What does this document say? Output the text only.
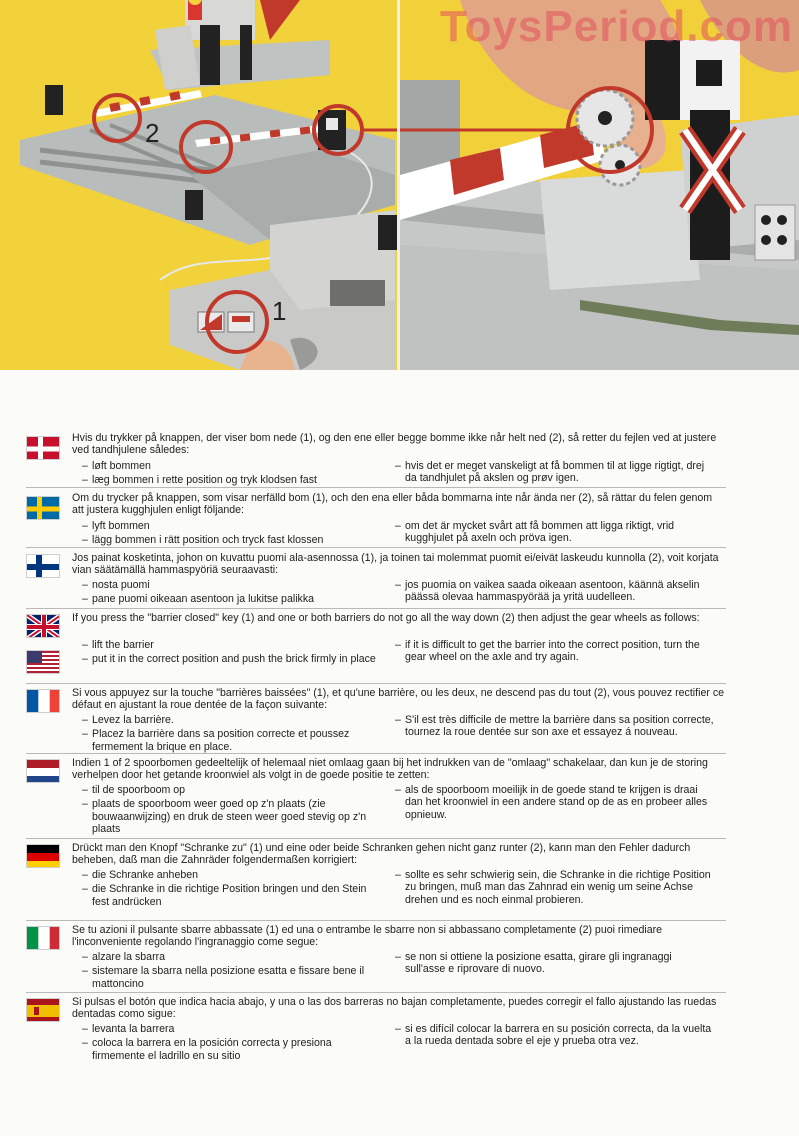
2
1
ToysPeriod.com

Hvis du trykker på knappen, der viser bom nede (1), og den ene eller begge bomme ikke når helt ned (2), så retter du fejlen ved at justere ved tandhjulene således:

– løft bommen
– læg bommen i rette position og tryk klodsen fast
– hvis det er meget vanskeligt at få bommen til at ligge rigtigt, drej da tandhjulet på akslen og prøv igen.

Om du trycker på knappen, som visar nerfälld bom (1), och den ena eller båda bommarna inte når ända ner (2), så rättar du felen genom att justera kugghjulen enligt följande:

– lyft bommen
– lägg bommen i rätt position och tryck fast klossen
– om det är mycket svårt att få bommen att ligga riktigt, vrid kugghjulet på axeln och pröva igen.

Jos painat kosketinta, johon on kuvattu puomi ala-asennossa (1), ja toinen tai molemmat puomit ei/eivät laskeudu kunnolla (2), voit korjata vian säätämällä hammaspyöriä seuraavasti:

– nosta puomi
– pane puomi oikeaan asentoon ja lukitse palikka
– jos puomia on vaikea saada oikeaan asentoon, käännä akselin päässä olevaa hammaspyörää ja yritä uudelleen.

If you press the "barrier closed" key (1) and one or both barriers do not go all the way down (2) then adjust the gear wheels as follows:

– lift the barrier
– put it in the correct position and push the brick firmly in place
– if it is difficult to get the barrier into the correct position, turn the gear wheel on the axle and try again.

Si vous appuyez sur la touche "barrières baissées" (1), et qu'une barrière, ou les deux, ne descend pas du tout (2), vous pouvez rectifier ce défaut en ajustant la roue dentée de la façon suivante:

– Levez la barrière.
– Placez la barrière dans sa position correcte et poussez fermement la brique en place.
– S'il est très difficile de mettre la barrière dans sa position correcte, tournez la roue dentée sur son axe et essayez á nouveau.

Indien 1 of 2 spoorbomen gedeeltelijk of helemaal niet omlaag gaan bij het indrukken van de "omlaag" schakelaar, dan kun je de storing verhelpen door het getande kroonwiel als volgt in de goede positie te zetten:

– til de spoorboom op
– plaats de spoorboom weer goed op z'n plaats (zie bouwaanwijzing) en druk de steen weer goed stevig op z'n plaats
– als de spoorboom moeilijk in de goede stand te krijgen is draai dan het kroonwiel in een andere stand op de as en probeer alles opnieuw.

Drückt man den Knopf "Schranke zu" (1) und eine oder beide Schranken gehen nicht ganz runter (2), kann man den Fehler dadurch beheben, daß man die Zahnräder folgendermaßen korrigiert:

– die Schranke anheben
– die Schranke in die richtige Position bringen und den Stein fest andrücken
– sollte es sehr schwierig sein, die Schranke in die richtige Position zu bringen, muß man das Zahnrad ein wenig um seine Achse drehen und es noch einmal probieren.

Se tu azioni il pulsante sbarre abbassate (1) ed una o entrambe le sbarre non si abbassano completamente (2) puoi rimediare l'inconveniente regolando l'ingranaggio come segue:

– alzare la sbarra
– sistemare la sbarra nella posizione esatta e fissare bene il mattoncino
– se non si ottiene la posizione esatta, girare gli ingranaggi sull'asse e riprovare di nuovo.

Si pulsas el botón que indica hacia abajo, y una o las dos barreras no bajan completamente, puedes corregir el fallo ajustando las ruedas dentadas como sigue:

– levanta la barrera
– coloca la barrera en la posición correcta y presiona firmemente el ladrillo en su sitio
– si es difícil colocar la barrera en su posición correcta, da la vuelta a la rueda dentada sobre el eje y prueba otra vez.
